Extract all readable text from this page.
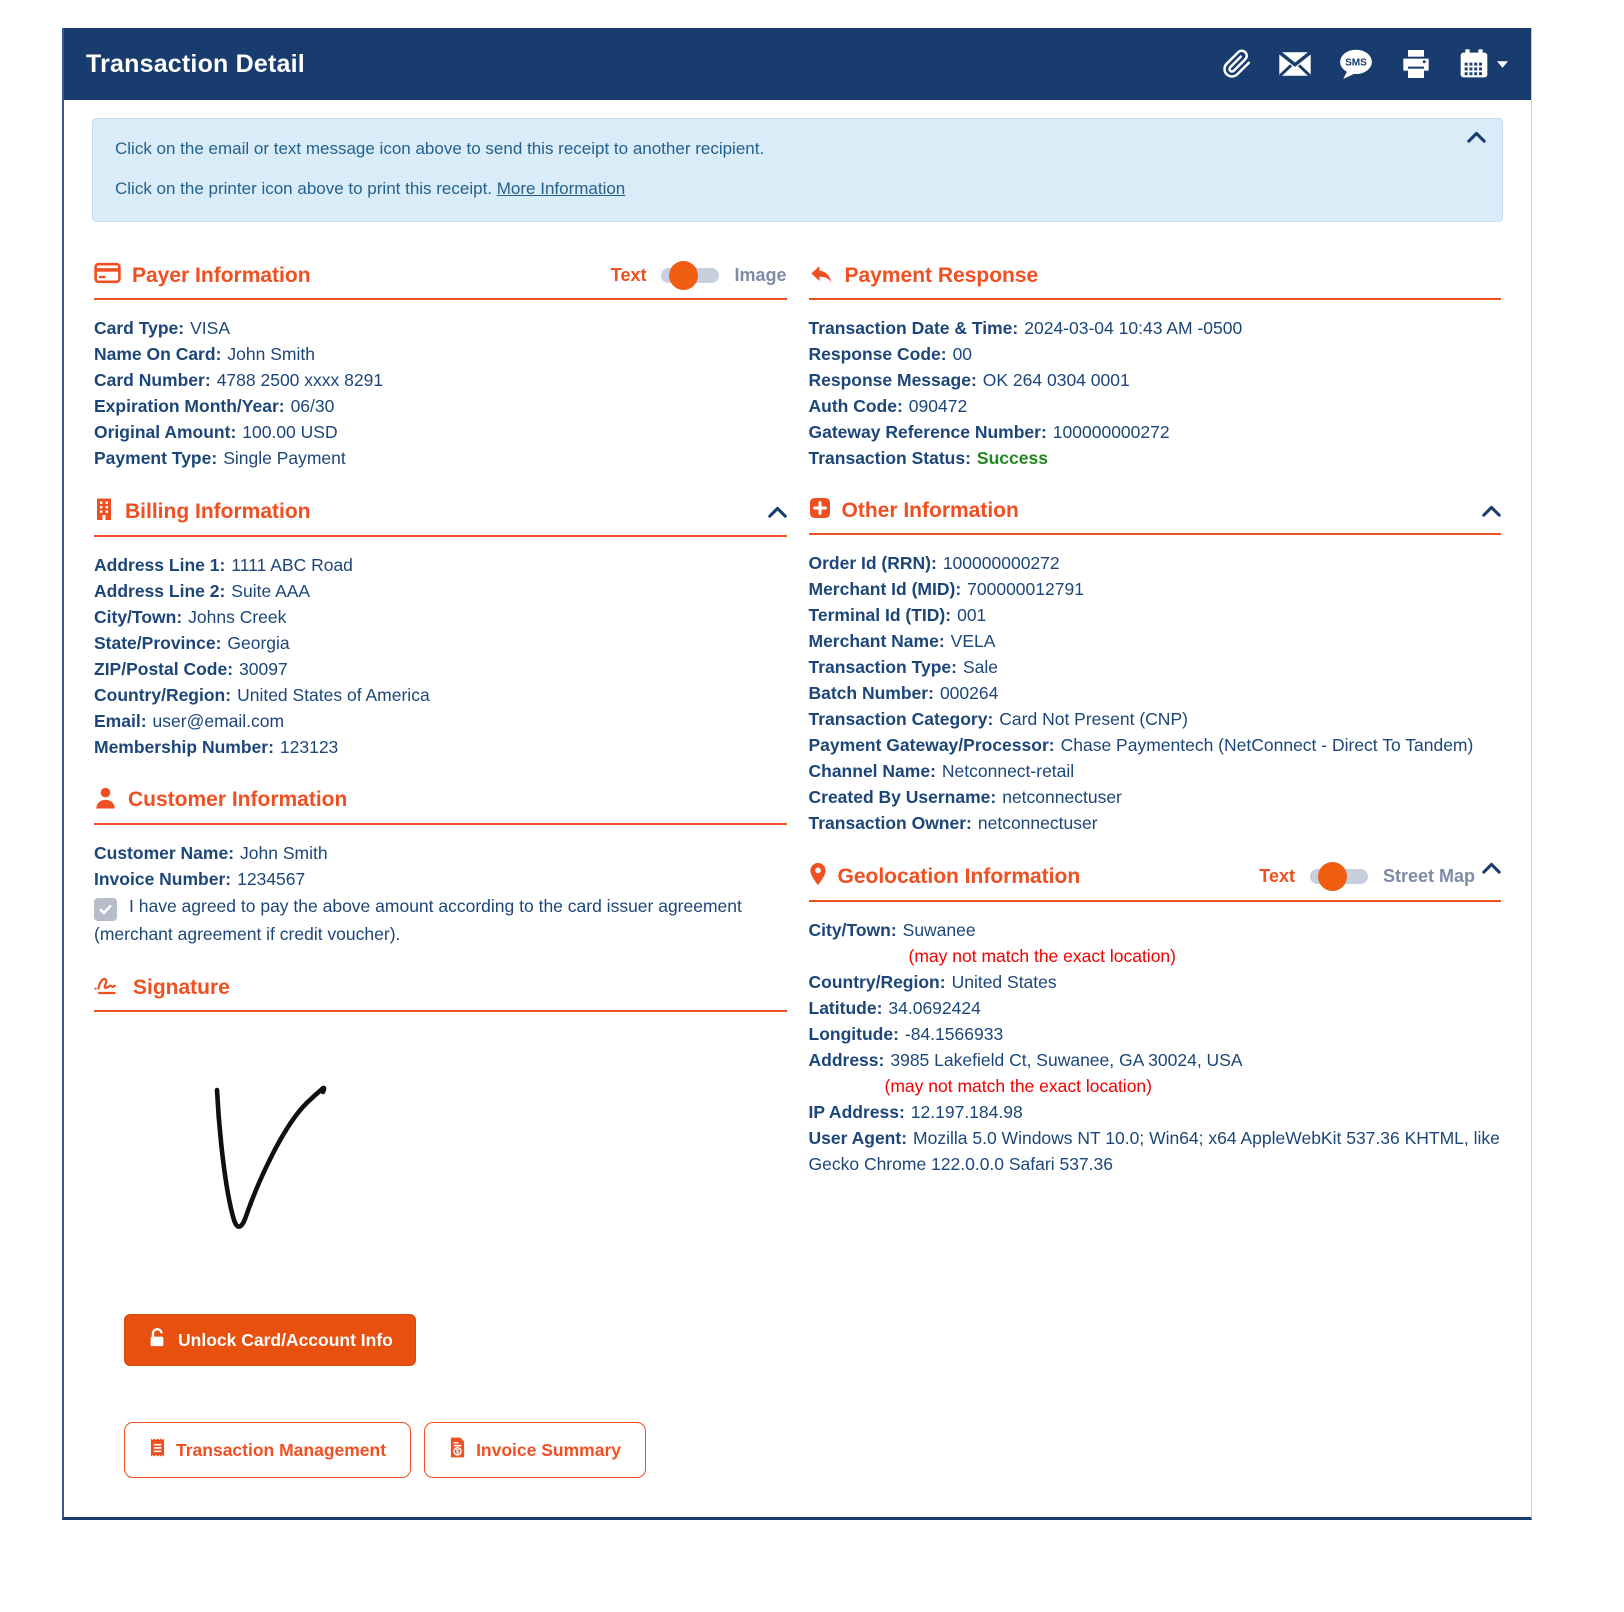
Transaction Detail	SMS

Click on the email or text message icon above to send this receipt to another recipient.

Click on the printer icon above to print this receipt. More Information

Payer Information	Text	Image
Card Type : VISA
Name On Card : John Smith
Card Number : 4788 2500 xxxx 8291
Expiration Month/Year : 06/30
Original Amount : 100.00 USD
Payment Type : Single Payment
Billing Information
Address Line 1 : 1111 ABC Road
Address Line 2 : Suite AAA
City/Town : Johns Creek
State/Province : Georgia
ZIP/Postal Code : 30097
Country/Region : United States of America
Email : user@email.com
Membership Number : 123123
Customer Information
Customer Name : John Smith
Invoice Number : 1234567
I have agreed to pay the above amount according to the card issuer agreement (merchant agreement if credit voucher).
Signature
Unlock Card/Account Info
Transaction Management	$ Invoice Summary
Payment Response
Transaction Date & Time : 2024-03-04 10:43 AM -0500
Response Code : 00
Response Message : OK 264 0304 0001
Auth Code : 090472
Gateway Reference Number : 100000000272
Transaction Status : Success
Other Information
Order Id (RRN) : 100000000272
Merchant Id (MID) : 700000012791
Terminal Id (TID) : 001
Merchant Name : VELA
Transaction Type : Sale
Batch Number : 000264
Transaction Category : Card Not Present (CNP)
Payment Gateway/Processor : Chase Paymentech (NetConnect - Direct To Tandem)
Channel Name : Netconnect-retail
Created By Username : netconnectuser
Transaction Owner : netconnectuser
Geolocation Information	Text	Street Map
City/Town : Suwanee
(may not match the exact location)
Country/Region : United States
Latitude : 34.0692424
Longitude : -84.1566933
Address : 3985 Lakefield Ct, Suwanee, GA 30024, USA
(may not match the exact location)
IP Address : 12.197.184.98
User Agent : Mozilla 5.0 Windows NT 10.0; Win64; x64 AppleWebKit 537.36 KHTML, like Gecko Chrome 122.0.0.0 Safari 537.36
